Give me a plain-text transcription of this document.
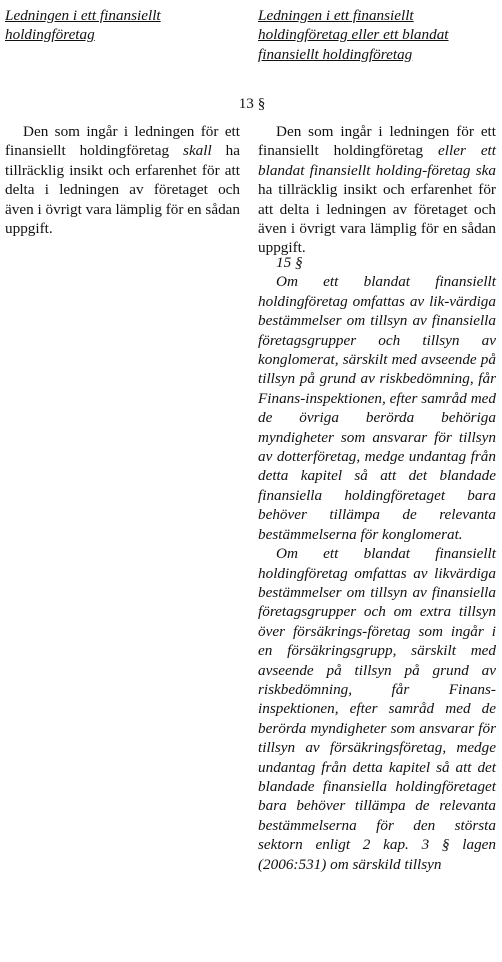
Ledningen i ett finansiellt holdingföretag
Ledningen i ett finansiellt holdingföretag eller ett blandat finansiellt holdingföretag
13 §

Den som ingår i ledningen för ett finansiellt holdingföretag skall ha tillräcklig insikt och erfarenhet för att delta i ledningen av företaget och även i övrigt vara lämplig för en sådan uppgift.

Den som ingår i ledningen för ett finansiellt holdingföretag eller ett blandat finansiellt holding-företag ska ha tillräcklig insikt och erfarenhet för att delta i ledningen av företaget och även i övrigt vara lämplig för en sådan uppgift.

15 §

Om ett blandat finansiellt holdingföretag omfattas av lik-värdiga bestämmelser om tillsyn av finansiella företagsgrupper och tillsyn av konglomerat, särskilt med avseende på tillsyn på grund av riskbedömning, får Finans-inspektionen, efter samråd med de övriga berörda behöriga myndigheter som ansvarar för tillsyn av dotterföretag, medge undantag från detta kapitel så att det blandade finansiella holdingföretaget bara behöver tillämpa de relevanta bestämmelserna för konglomerat.

Om ett blandat finansiellt holdingföretag omfattas av likvärdiga bestämmelser om tillsyn av finansiella företagsgrupper och om extra tillsyn över försäkrings-företag som ingår i en försäkringsgrupp, särskilt med avseende på tillsyn på grund av riskbedömning, får Finans-inspektionen, efter samråd med de berörda myndigheter som ansvarar för tillsyn av försäkringsföretag, medge undantag från detta kapitel så att det blandade finansiella holdingföretaget bara behöver tillämpa de relevanta bestämmelserna för den största sektorn enligt 2 kap. 3 § lagen (2006:531) om särskild tillsyn
